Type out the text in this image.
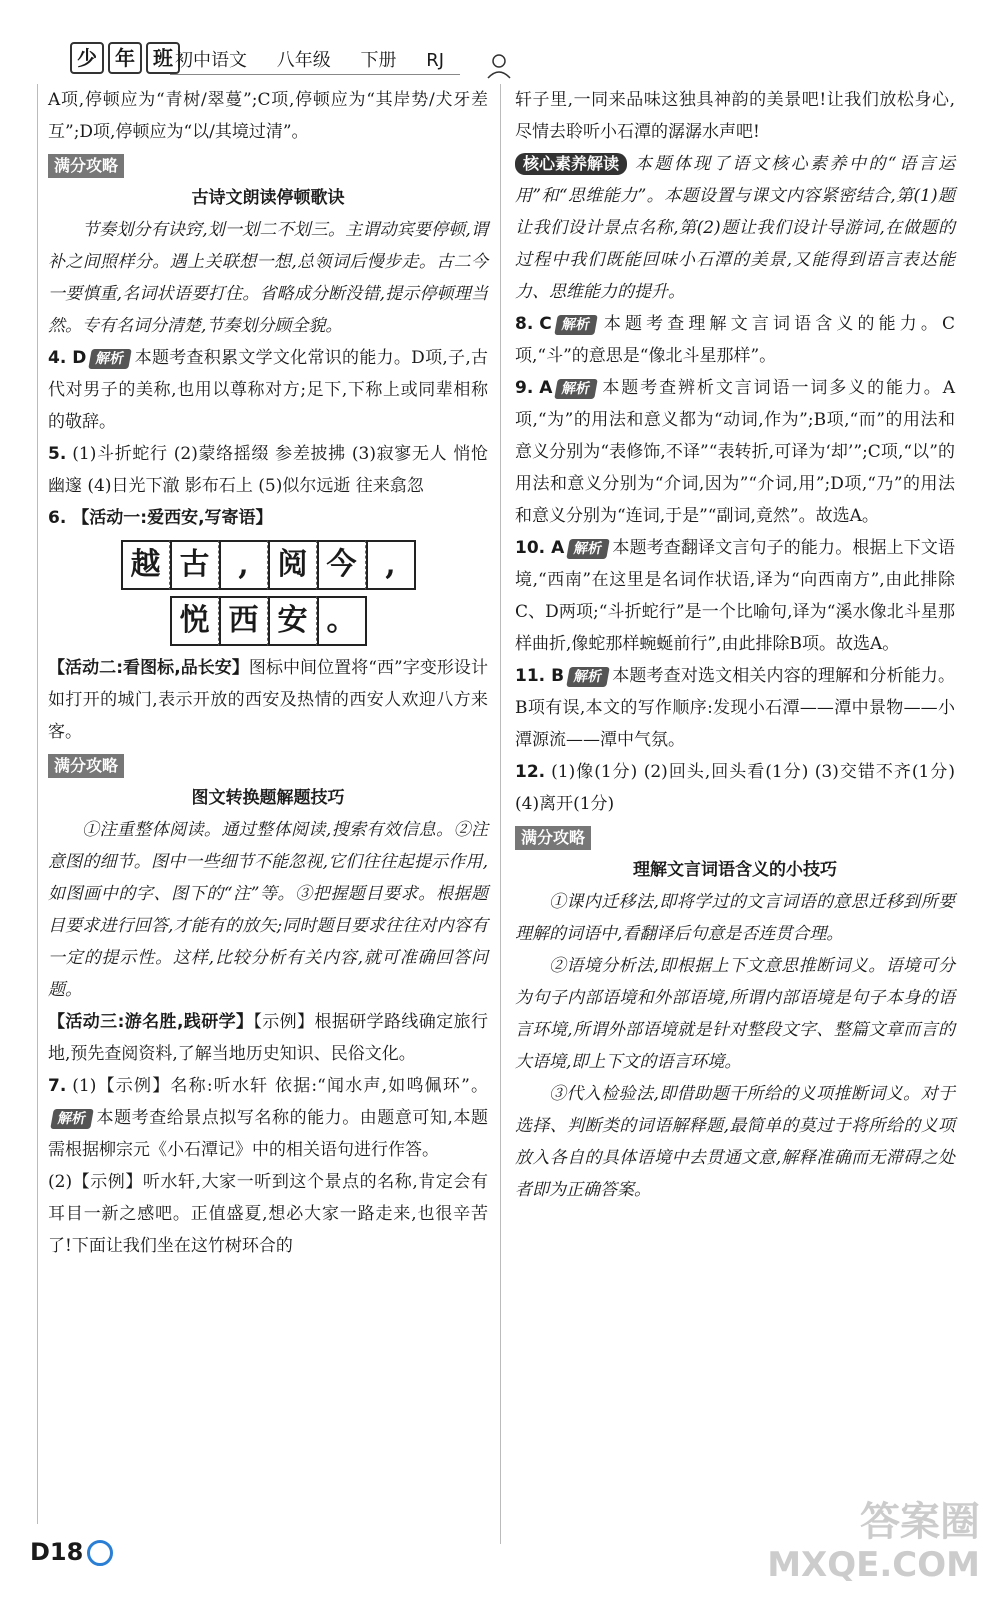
少 年 班 初中语文 八年级 下册 RJ

A项,停顿应为“青树/翠蔓”;C项,停顿应为“其岸势/犬牙差互”;D项,停顿应为“以/其境过清”。

满分攻略

古诗文朗读停顿歌诀

节奏划分有诀窍,划一划二不划三。主谓动宾要停顿,谓补之间照样分。遇上关联想一想,总领词后慢步走。古二今一要慎重,名词状语要打住。省略成分断没错,提示停顿理当然。专有名词分清楚,节奏划分顾全貌。

4. D 解析 本题考查积累文学文化常识的能力。D项,子,古代对男子的美称,也用以尊称对方;足下,下称上或同辈相称的敬辞。

5. (1)斗折蛇行 (2)蒙络摇缀 参差披拂 (3)寂寥无人 悄怆幽邃 (4)日光下澈 影布石上 (5)似尔远逝 往来翕忽

6. 【活动一:爱西安,写寄语】

越 古 , 阅 今 ,
悦 西 安 。

【活动二:看图标,品长安】图标中间位置将“西”字变形设计如打开的城门,表示开放的西安及热情的西安人欢迎八方来客。

满分攻略

图文转换题解题技巧

①注重整体阅读。通过整体阅读,搜索有效信息。②注意图的细节。图中一些细节不能忽视,它们往往起提示作用,如图画中的字、图下的“注”等。③把握题目要求。根据题目要求进行回答,才能有的放矢;同时题目要求往往对内容有一定的提示性。这样,比较分析有关内容,就可准确回答问题。

【活动三:游名胜,践研学】【示例】根据研学路线确定旅行地,预先查阅资料,了解当地历史知识、民俗文化。

7. (1)【示例】名称:听水轩 依据:“闻水声,如鸣佩环”。解析 本题考查给景点拟写名称的能力。由题意可知,本题需根据柳宗元《小石潭记》中的相关语句进行作答。

(2)【示例】听水轩,大家一听到这个景点的名称,肯定会有耳目一新之感吧。正值盛夏,想必大家一路走来,也很辛苦了!下面让我们坐在这竹树环合的

轩子里,一同来品味这独具神韵的美景吧!让我们放松身心,尽情去聆听小石潭的潺潺水声吧!

核心素养解读 本题体现了语文核心素养中的“语言运用”和“思维能力”。本题设置与课文内容紧密结合,第(1)题让我们设计景点名称,第(2)题让我们设计导游词,在做题的过程中我们既能回味小石潭的美景,又能得到语言表达能力、思维能力的提升。

8. C 解析 本题考查理解文言词语含义的能力。C项,“斗”的意思是“像北斗星那样”。

9. A 解析 本题考查辨析文言词语一词多义的能力。A项,“为”的用法和意义都为“动词,作为”;B项,“而”的用法和意义分别为“表修饰,不译”“表转折,可译为‘却’”;C项,“以”的用法和意义分别为“介词,因为”“介词,用”;D项,“乃”的用法和意义分别为“连词,于是”“副词,竟然”。故选A。

10. A 解析 本题考查翻译文言句子的能力。根据上下文语境,“西南”在这里是名词作状语,译为“向西南方”,由此排除C、D两项;“斗折蛇行”是一个比喻句,译为“溪水像北斗星那样曲折,像蛇那样蜿蜒前行”,由此排除B项。故选A。

11. B 解析 本题考查对选文相关内容的理解和分析能力。B项有误,本文的写作顺序:发现小石潭——潭中景物——小潭源流——潭中气氛。

12. (1)像(1分) (2)回头,回头看(1分) (3)交错不齐(1分) (4)离开(1分)

满分攻略

理解文言词语含义的小技巧

①课内迁移法,即将学过的文言词语的意思迁移到所要理解的词语中,看翻译后句意是否连贯合理。

②语境分析法,即根据上下文意思推断词义。语境可分为句子内部语境和外部语境,所谓内部语境是句子本身的语言环境,所谓外部语境就是针对整段文字、整篇文章而言的大语境,即上下文的语言环境。

③代入检验法,即借助题干所给的义项推断词义。对于选择、判断类的词语解释题,最简单的莫过于将所给的义项放入各自的具体语境中去贯通文意,解释准确而无滞碍之处者即为正确答案。

D18
答案圈
MXQE.COM
